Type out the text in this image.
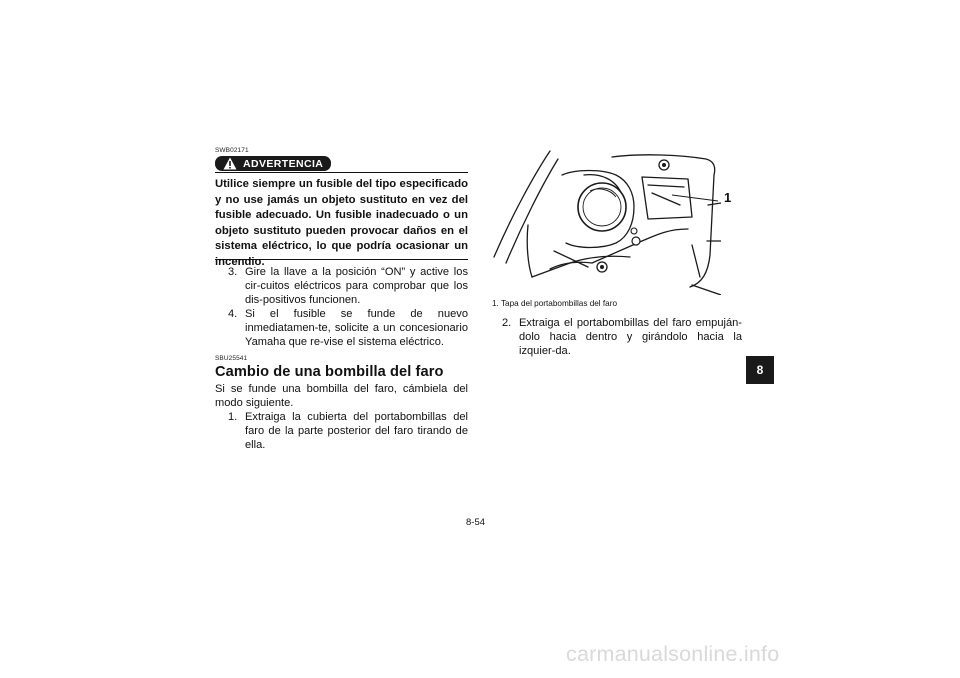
SWB02171
ADVERTENCIA
Utilice siempre un fusible del tipo especificado y no use jamás un objeto sustituto en vez del fusible adecuado. Un fusible inadecuado o un objeto sustituto pueden provocar daños en el sistema eléctrico, lo que podría ocasionar un incendio.
3. Gire la llave a la posición “ON” y active los cir-cuitos eléctricos para comprobar que los dis-positivos funcionen.
4. Si el fusible se funde de nuevo inmediatamen-te, solicite a un concesionario Yamaha que re-vise el sistema eléctrico.
SBU25541
Cambio de una bombilla del faro
Si se funde una bombilla del faro, cámbiela del modo siguiente.
1. Extraiga la cubierta del portabombillas del faro de la parte posterior del faro tirando de ella.
1
1. Tapa del portabombillas del faro
2. Extraiga el portabombillas del faro empuján-dolo hacia dentro y girándolo hacia la izquier-da.
8
8-54
carmanualsonline.info
